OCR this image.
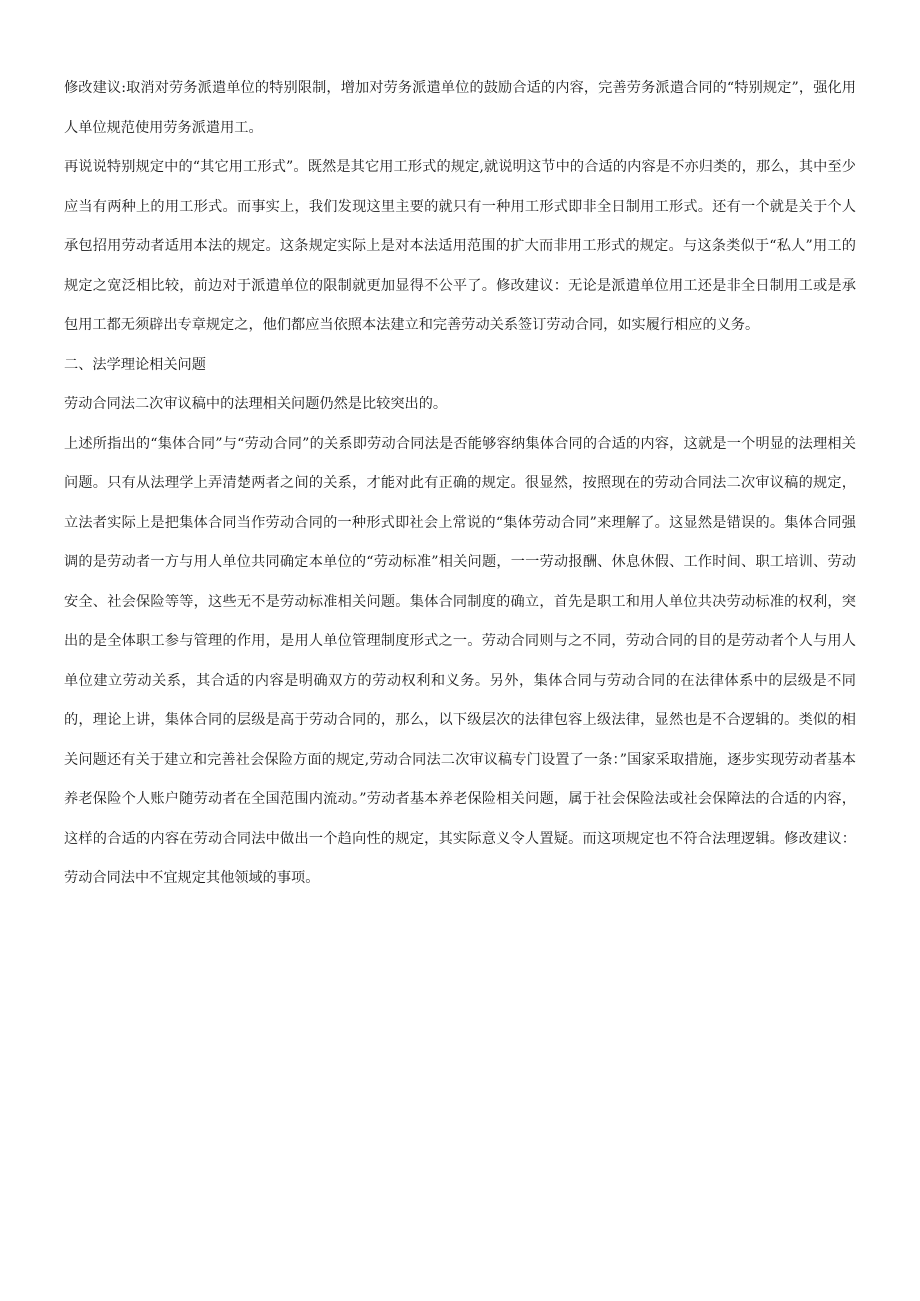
修改建议:取消对劳务派遣单位的特别限制，增加对劳务派遣单位的鼓励合适的内容，完善劳务派遣合同的“特别规定”，强化用人单位规范使用劳务派遣用工。

再说说特别规定中的“其它用工形式”。既然是其它用工形式的规定,就说明这节中的合适的内容是不亦归类的，那么，其中至少应当有两种上的用工形式。而事实上，我们发现这里主要的就只有一种用工形式即非全日制用工形式。还有一个就是关于个人承包招用劳动者适用本法的规定。这条规定实际上是对本法适用范围的扩大而非用工形式的规定。与这条类似于“私人”用工的规定之宽泛相比较，前边对于派遣单位的限制就更加显得不公平了。修改建议：无论是派遣单位用工还是非全日制用工或是承包用工都无须辟出专章规定之，他们都应当依照本法建立和完善劳动关系签订劳动合同，如实履行相应的义务。

二、法学理论相关问题

劳动合同法二次审议稿中的法理相关问题仍然是比较突出的。

上述所指出的“集体合同”与“劳动合同”的关系即劳动合同法是否能够容纳集体合同的合适的内容，这就是一个明显的法理相关问题。只有从法理学上弄清楚两者之间的关系，才能对此有正确的规定。很显然，按照现在的劳动合同法二次审议稿的规定，立法者实际上是把集体合同当作劳动合同的一种形式即社会上常说的“集体劳动合同”来理解了。这显然是错误的。集体合同强调的是劳动者一方与用人单位共同确定本单位的“劳动标准”相关问题，一一劳动报酬、休息休假、工作时间、职工培训、劳动安全、社会保险等等，这些无不是劳动标准相关问题。集体合同制度的确立，首先是职工和用人单位共决劳动标准的权利，突出的是全体职工参与管理的作用，是用人单位管理制度形式之一。劳动合同则与之不同，劳动合同的目的是劳动者个人与用人单位建立劳动关系，其合适的内容是明确双方的劳动权利和义务。另外，集体合同与劳动合同的在法律体系中的层级是不同的，理论上讲，集体合同的层级是高于劳动合同的，那么，以下级层次的法律包容上级法律，显然也是不合逻辑的。类似的相关问题还有关于建立和完善社会保险方面的规定,劳动合同法二次审议稿专门设置了一条：”国家采取措施，逐步实现劳动者基本养老保险个人账户随劳动者在全国范围内流动。”劳动者基本养老保险相关问题，属于社会保险法或社会保障法的合适的内容，这样的合适的内容在劳动合同法中做出一个趋向性的规定，其实际意义令人置疑。而这项规定也不符合法理逻辑。修改建议：劳动合同法中不宜规定其他领域的事项。
